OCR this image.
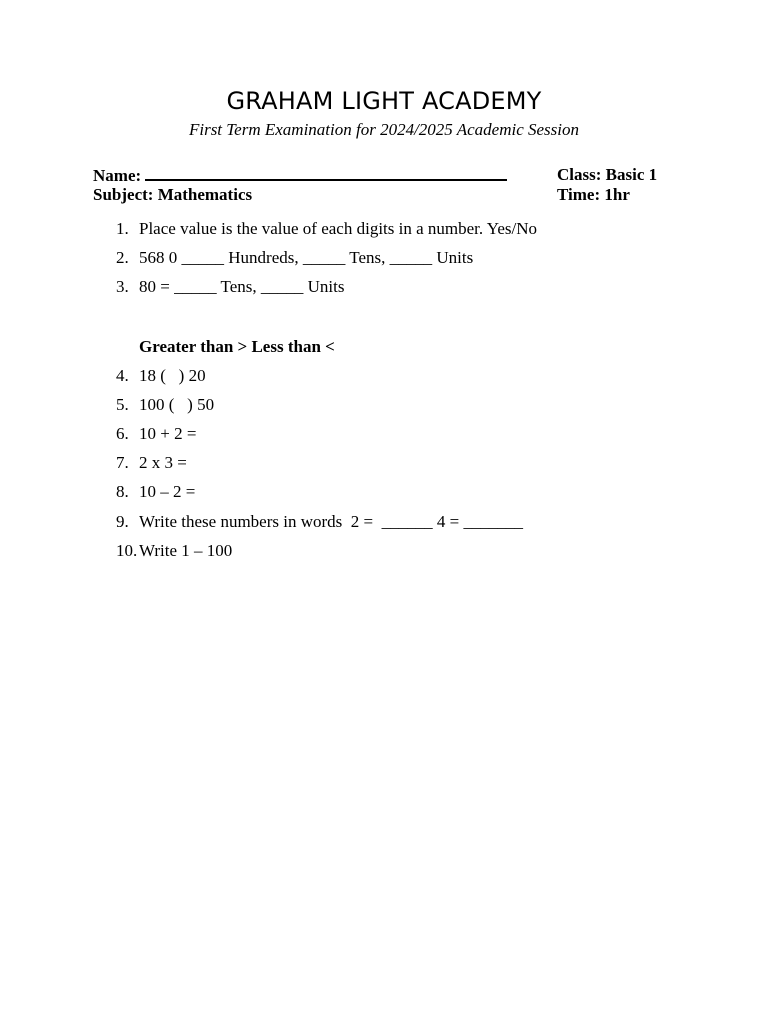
GRAHAM LIGHT ACADEMY
First Term Examination for 2024/2025 Academic Session
Name:
Subject: Mathematics
Class: Basic 1
Time: 1hr
1. Place value is the value of each digits in a number. Yes/No
2. 568 0 _____ Hundreds, _____ Tens, _____ Units
3. 80 = _____ Tens, _____ Units
Greater than > Less than <
4. 18 (   ) 20
5. 100 (   ) 50
6. 10 + 2 =
7. 2 x 3 =
8. 10 – 2 =
9. Write these numbers in words  2 =  ______ 4 = _______
10. Write 1 – 100
